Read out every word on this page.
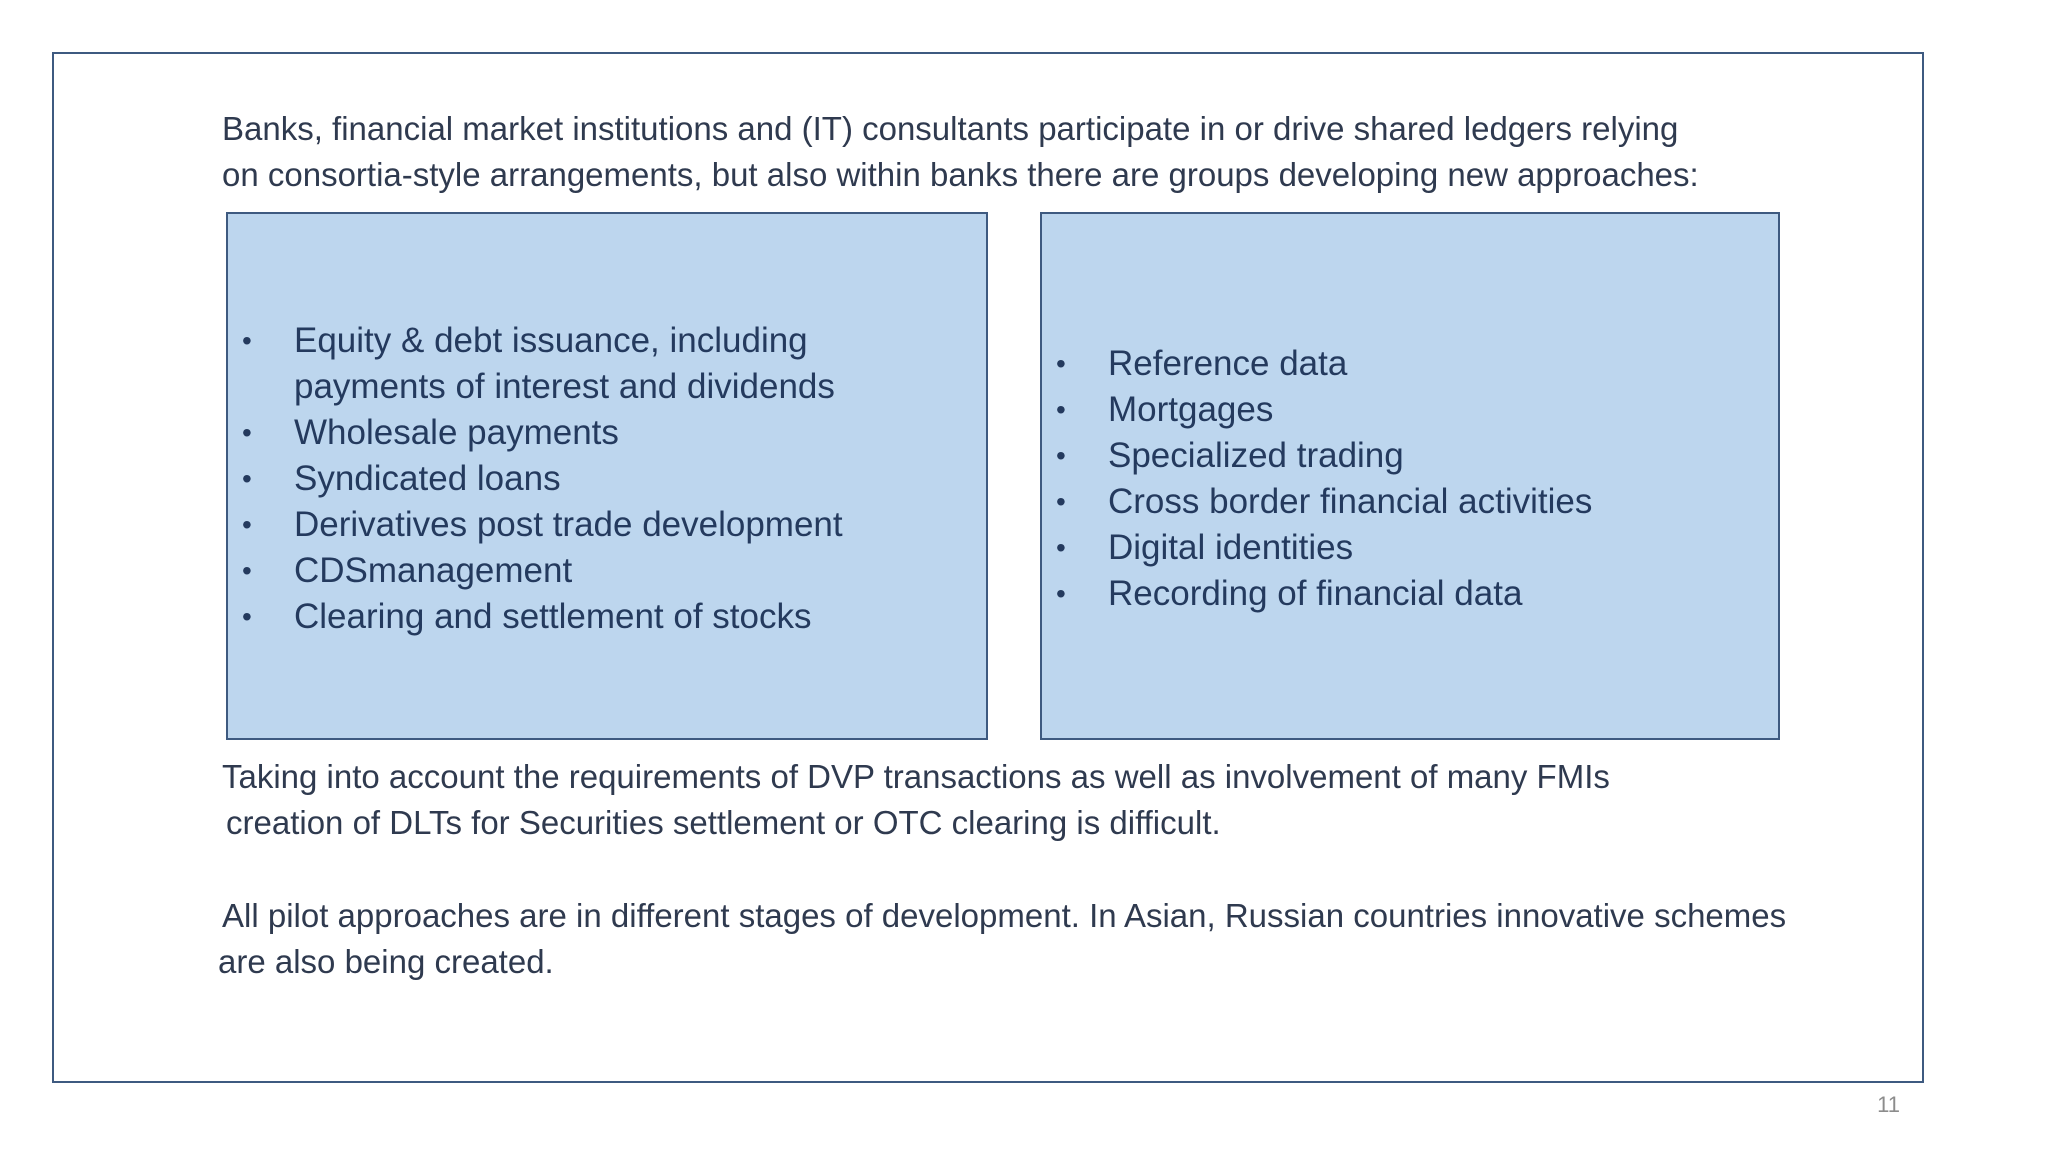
Banks, financial market institutions and (IT) consultants participate in or drive shared ledgers relying
on consortia-style arrangements, but also within banks there are groups developing new approaches:
• Equity & debt issuance, including
payments of interest and dividends
• Wholesale payments
• Syndicated loans
• Derivatives post trade development
• CDSmanagement
• Clearing and settlement of stocks
• Reference data
• Mortgages
• Specialized trading
• Cross border financial activities
• Digital identities
• Recording of financial data
Taking into account the requirements of DVP transactions as well as involvement of many FMIs
creation of DLTs for Securities settlement or OTC clearing is difficult.
All pilot approaches are in different stages of development. In Asian, Russian countries innovative schemes
are also being created.
11
